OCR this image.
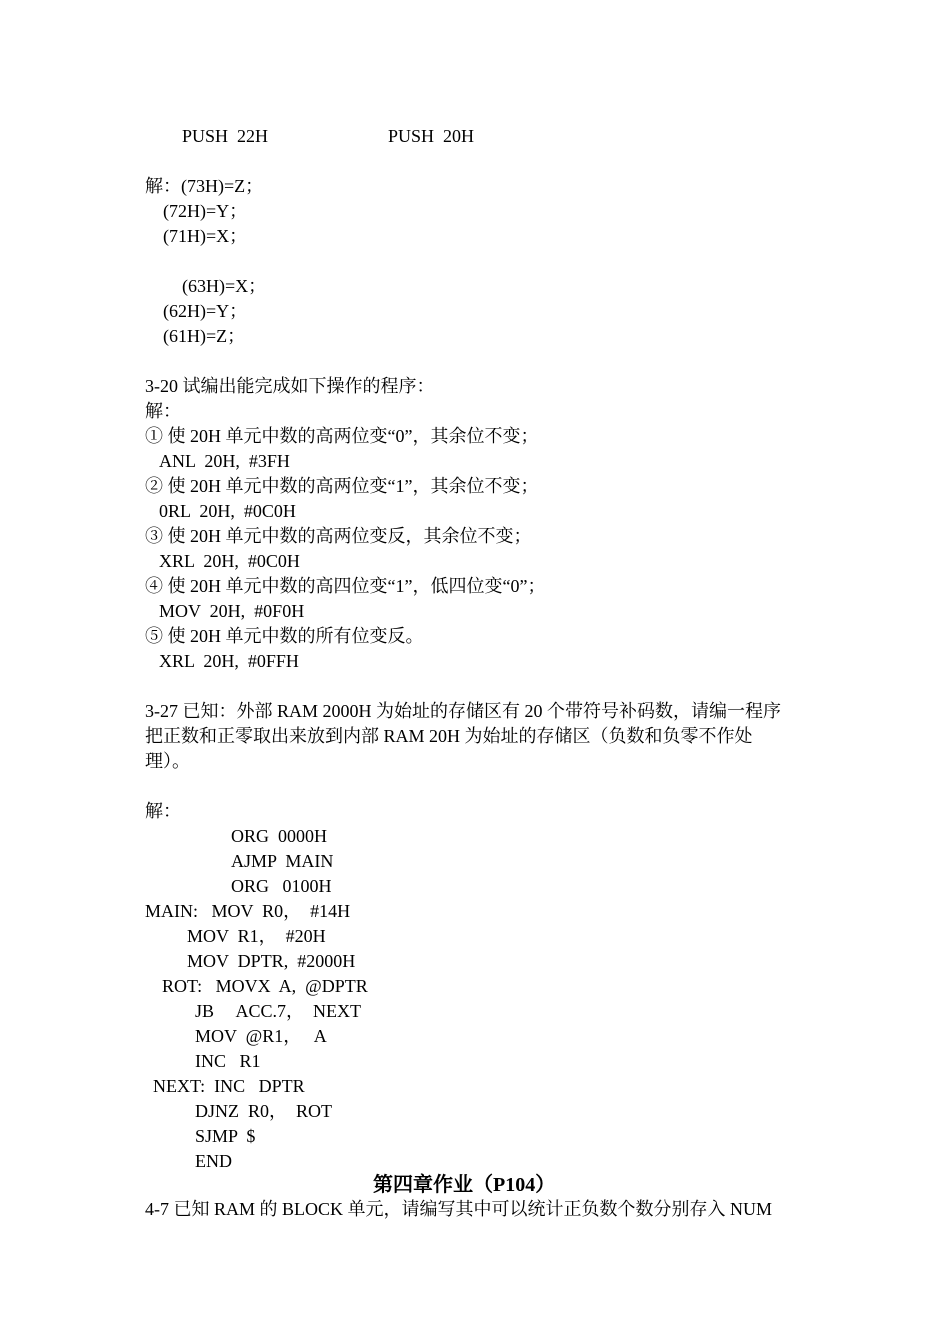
PUSH  22H	PUSH  20H
解：(73H)=Z；
(72H)=Y；
(71H)=X；
(63H)=X；
(62H)=Y；
(61H)=Z；
3-20 试编出能完成如下操作的程序：
解：
① 使 20H 单元中数的高两位变“0”，其余位不变；
ANL  20H,  #3FH
② 使 20H 单元中数的高两位变“1”，其余位不变；
0RL  20H,  #0C0H
③ 使 20H 单元中数的高两位变反，其余位不变；
XRL  20H,  #0C0H
④ 使 20H 单元中数的高四位变“1”，低四位变“0”；
MOV  20H,  #0F0H
⑤ 使 20H 单元中数的所有位变反。
XRL  20H,  #0FFH
3-27 已知：外部 RAM 2000H 为始址的存储区有 20 个带符号补码数，请编一程序
把正数和正零取出来放到内部 RAM 20H 为始址的存储区（负数和负零不作处
理）。
解：
ORG  0000H
AJMP  MAIN
ORG   0100H
MAIN:   MOV  R0，  #14H
MOV  R1，  #20H
MOV  DPTR,  #2000H
ROT:   MOVX  A,  @DPTR
JB     ACC.7，  NEXT
MOV  @R1，   A
INC   R1
NEXT:  INC   DPTR
DJNZ  R0，  ROT
SJMP  $
END
第四章作业（P104）
4-7 已知 RAM 的 BLOCK 单元，请编写其中可以统计正负数个数分别存入 NUM
